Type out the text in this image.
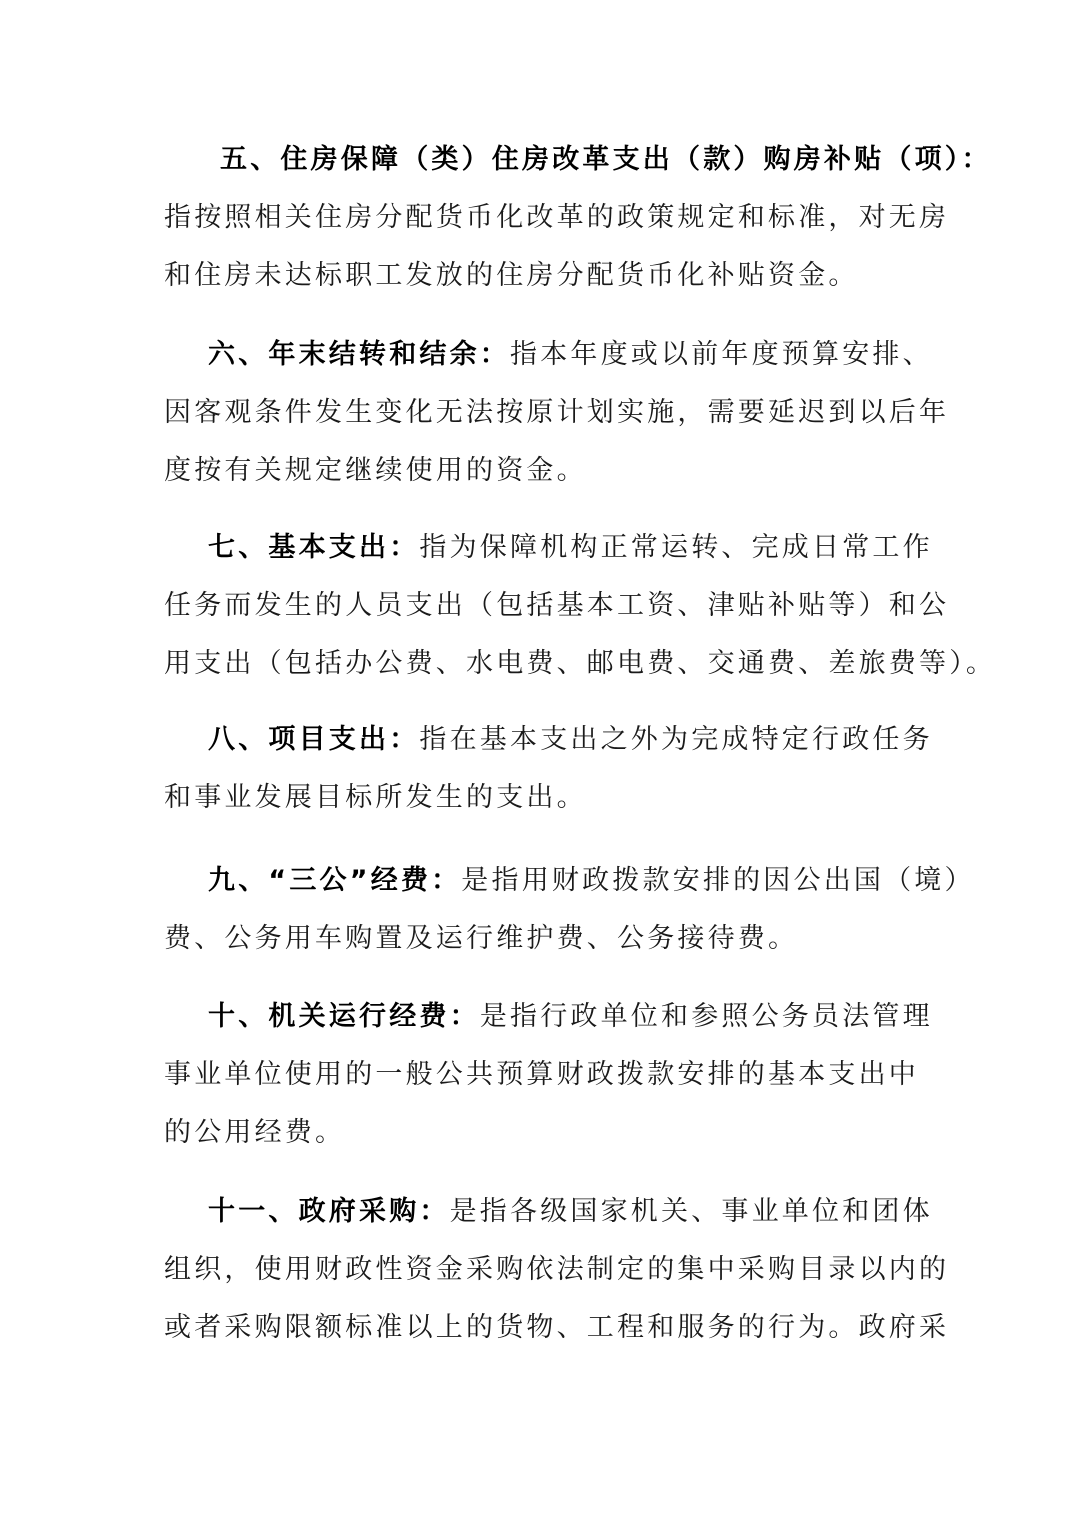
五、住房保障（类）住房改革支出（款）购房补贴（项）：
指按照相关住房分配货币化改革的政策规定和标准，对无房
和住房未达标职工发放的住房分配货币化补贴资金。
六、年末结转和结余：指本年度或以前年度预算安排、
因客观条件发生变化无法按原计划实施，需要延迟到以后年
度按有关规定继续使用的资金。
七、基本支出：指为保障机构正常运转、完成日常工作
任务而发生的人员支出（包括基本工资、津贴补贴等）和公
用支出（包括办公费、水电费、邮电费、交通费、差旅费等）。
八、项目支出：指在基本支出之外为完成特定行政任务
和事业发展目标所发生的支出。
九、“三公”经费：是指用财政拨款安排的因公出国（境）
费、公务用车购置及运行维护费、公务接待费。
十、机关运行经费：是指行政单位和参照公务员法管理
事业单位使用的一般公共预算财政拨款安排的基本支出中
的公用经费。
十一、政府采购：是指各级国家机关、事业单位和团体
组织，使用财政性资金采购依法制定的集中采购目录以内的
或者采购限额标准以上的货物、工程和服务的行为。政府采
